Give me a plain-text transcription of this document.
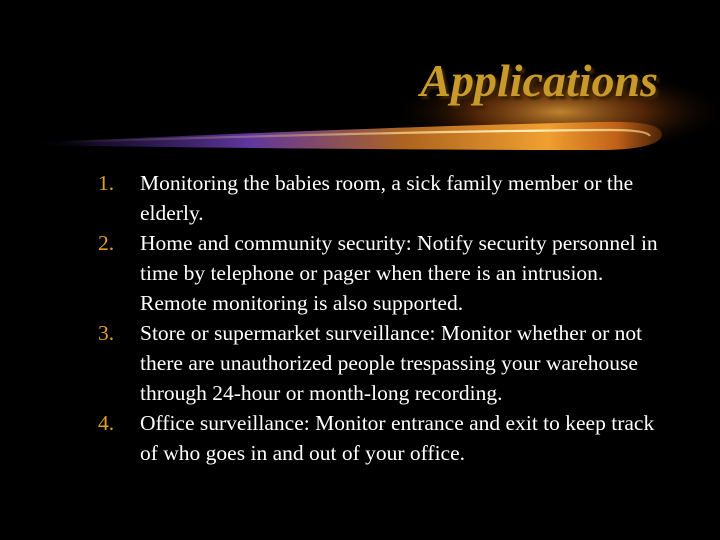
Applications
1. Monitoring the babies room, a sick family member or the elderly.
2. Home and community security: Notify security personnel in time by telephone or pager when there is an intrusion. Remote monitoring is also supported.
3. Store or supermarket surveillance: Monitor whether or not there are unauthorized people trespassing your warehouse through 24-hour or month-long recording.
4. Office surveillance: Monitor entrance and exit to keep track of who goes in and out of your office.
